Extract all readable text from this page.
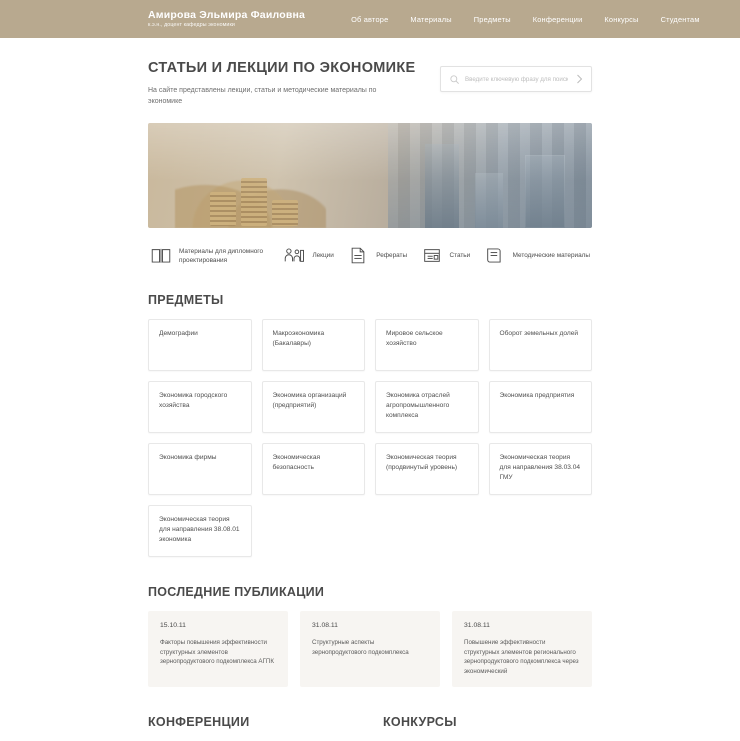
Амирова Эльмира Фаиловна
к.э.н., доцент кафедры экономики
Об авторе	Материалы	Предметы	Конференции	Конкурсы	Студентам
СТАТЬИ И ЛЕКЦИИ ПО ЭКОНОМИКЕ
На сайте представлены лекции, статьи и методические материалы по экономике
Введите ключевую фразу для поиска...
Материалы для дипломного проектирования
Лекции	Рефераты	Статьи	Методические материалы
ПРЕДМЕТЫ
Демографии	Макроэкономика (Бакалавры)
Мировое сельское хозяйство
Оборот земельных долей
Экономика городского хозяйства
Экономика организаций (предприятий)
Экономика отраслей агропромышленного комплекса
Экономика предприятия
Экономика фирмы	Экономическая безопасность
Экономическая теория (продвинутый уровень)
Экономическая теория для направления 38.03.04 ГМУ
Экономическая теория для направления 38.08.01 экономика
ПОСЛЕДНИЕ ПУБЛИКАЦИИ
15.10.11
Факторы повышения эффективности структурных элементов зернопродуктового подкомплекса АГПК
31.08.11
Структурные аспекты зернопродуктового подкомплекса
31.08.11
Повышение эффективности структурных элементов регионального зернопродуктового подкомплекса через экономический
КОНФЕРЕНЦИИ	КОНКУРСЫ
